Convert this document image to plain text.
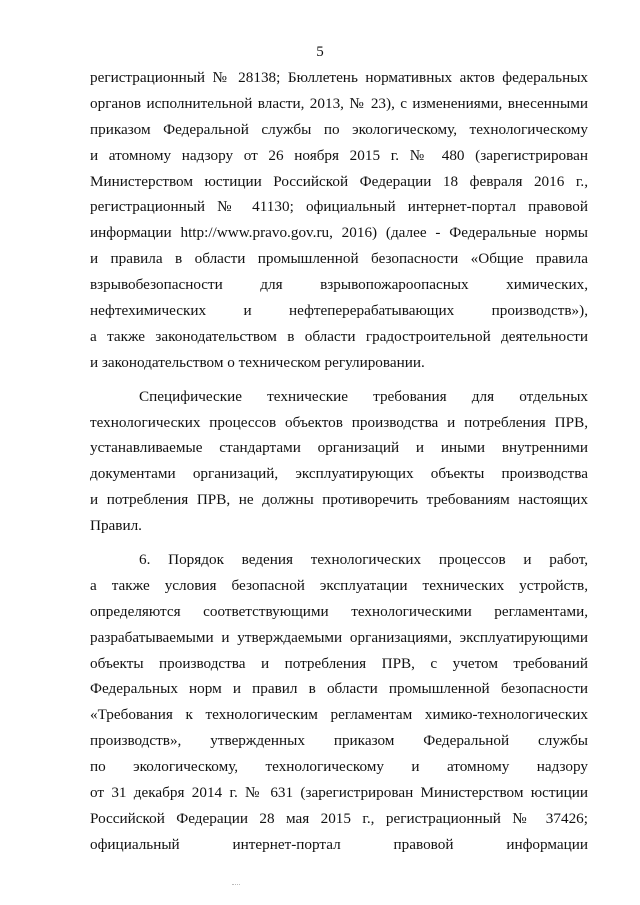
5
регистрационный № 28138; Бюллетень нормативных актов федеральных
органов исполнительной власти, 2013, № 23), с изменениями, внесенными
приказом Федеральной службы по экологическому, технологическому
и атомному надзору от 26 ноября 2015 г. № 480 (зарегистрирован
Министерством юстиции Российской Федерации 18 февраля 2016 г.,
регистрационный № 41130; официальный интернет-портал правовой
информации http://www.pravo.gov.ru, 2016) (далее - Федеральные нормы
и правила в области промышленной безопасности «Общие правила
взрывобезопасности для взрывопожароопасных химических,
нефтехимических и нефтеперерабатывающих производств»),
а также законодательством в области градостроительной деятельности
и законодательством о техническом регулировании.
Специфические технические требования для отдельных
технологических процессов объектов производства и потребления ПРВ,
устанавливаемые стандартами организаций и иными внутренними
документами организаций, эксплуатирующих объекты производства
и потребления ПРВ, не должны противоречить требованиям настоящих
Правил.
6. Порядок ведения технологических процессов и работ,
а также условия безопасной эксплуатации технических устройств,
определяются соответствующими технологическими регламентами,
разрабатываемыми и утверждаемыми организациями, эксплуатирующими
объекты производства и потребления ПРВ, с учетом требований
Федеральных норм и правил в области промышленной безопасности
«Требования к технологическим регламентам химико-технологических
производств», утвержденных приказом Федеральной службы
по экологическому, технологическому и атомному надзору
от 31 декабря 2014 г. № 631 (зарегистрирован Министерством юстиции
Российской Федерации 28 мая 2015 г., регистрационный № 37426;
официальный интернет-портал правовой информации
